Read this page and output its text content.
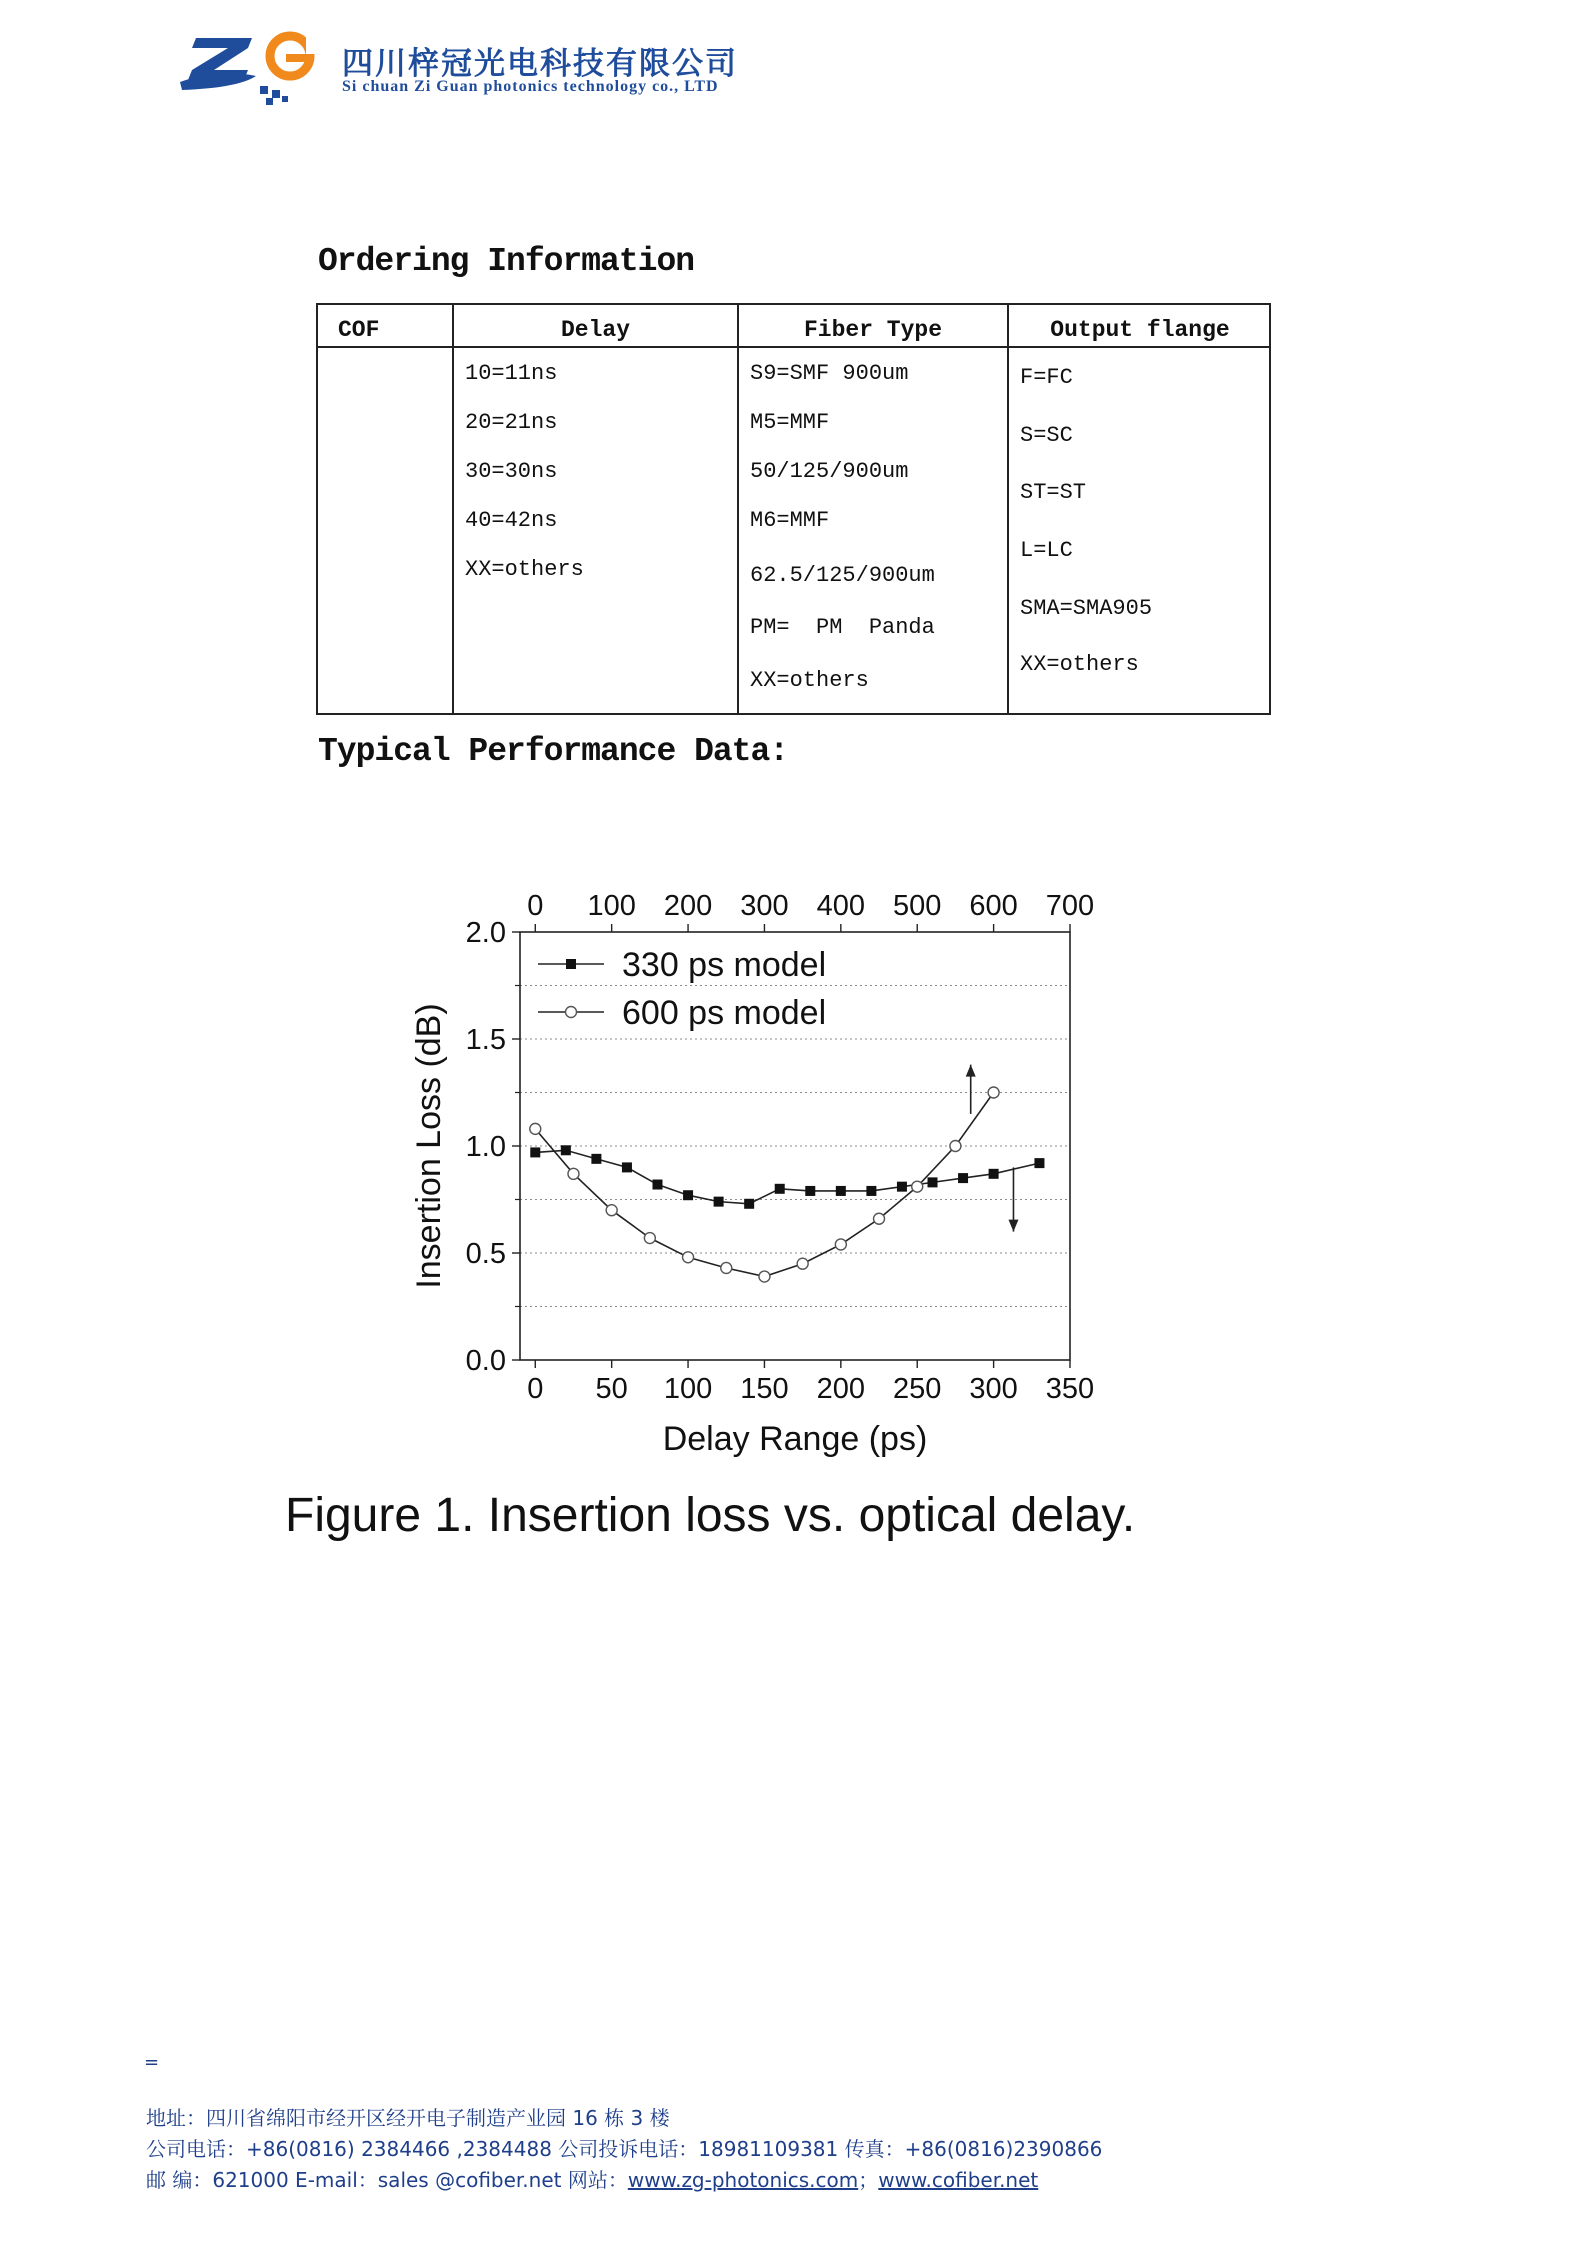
四川梓冠光电科技有限公司
Si chuan Zi Guan photonics technology co., LTD
Ordering Information
COF	Delay
10=11ns
20=21ns
30=30ns
40=42ns
XX=others
Fiber Type
S9=SMF 900um
M5=MMF
50/125/900um
M6=MMF
62.5/125/900um
PM=  PM  Panda
XX=others
Output flange
F=FC
S=SC
ST=ST
L=LC
SMA=SMA905
XX=others
Typical Performance Data:
0 50 100 150 200 250 300 350
0 100 200 300 400 500 600 700
0.0
0.5
1.0
1.5
2.0
Delay Range (ps)
Insertion Loss (dB)
330 ps model
600 ps model
Figure 1. Insertion loss vs. optical delay.
=
地址：四川省绵阳市经开区经开电子制造产业园 16 栋 3 楼
公司电话：+86(0816) 2384466 ,2384488 公司投诉电话：18981109381 传真：+86(0816)2390866
邮 编：621000 E-mail：sales @cofiber.net 网站：www.zg-photonics.com；www.cofiber.net
